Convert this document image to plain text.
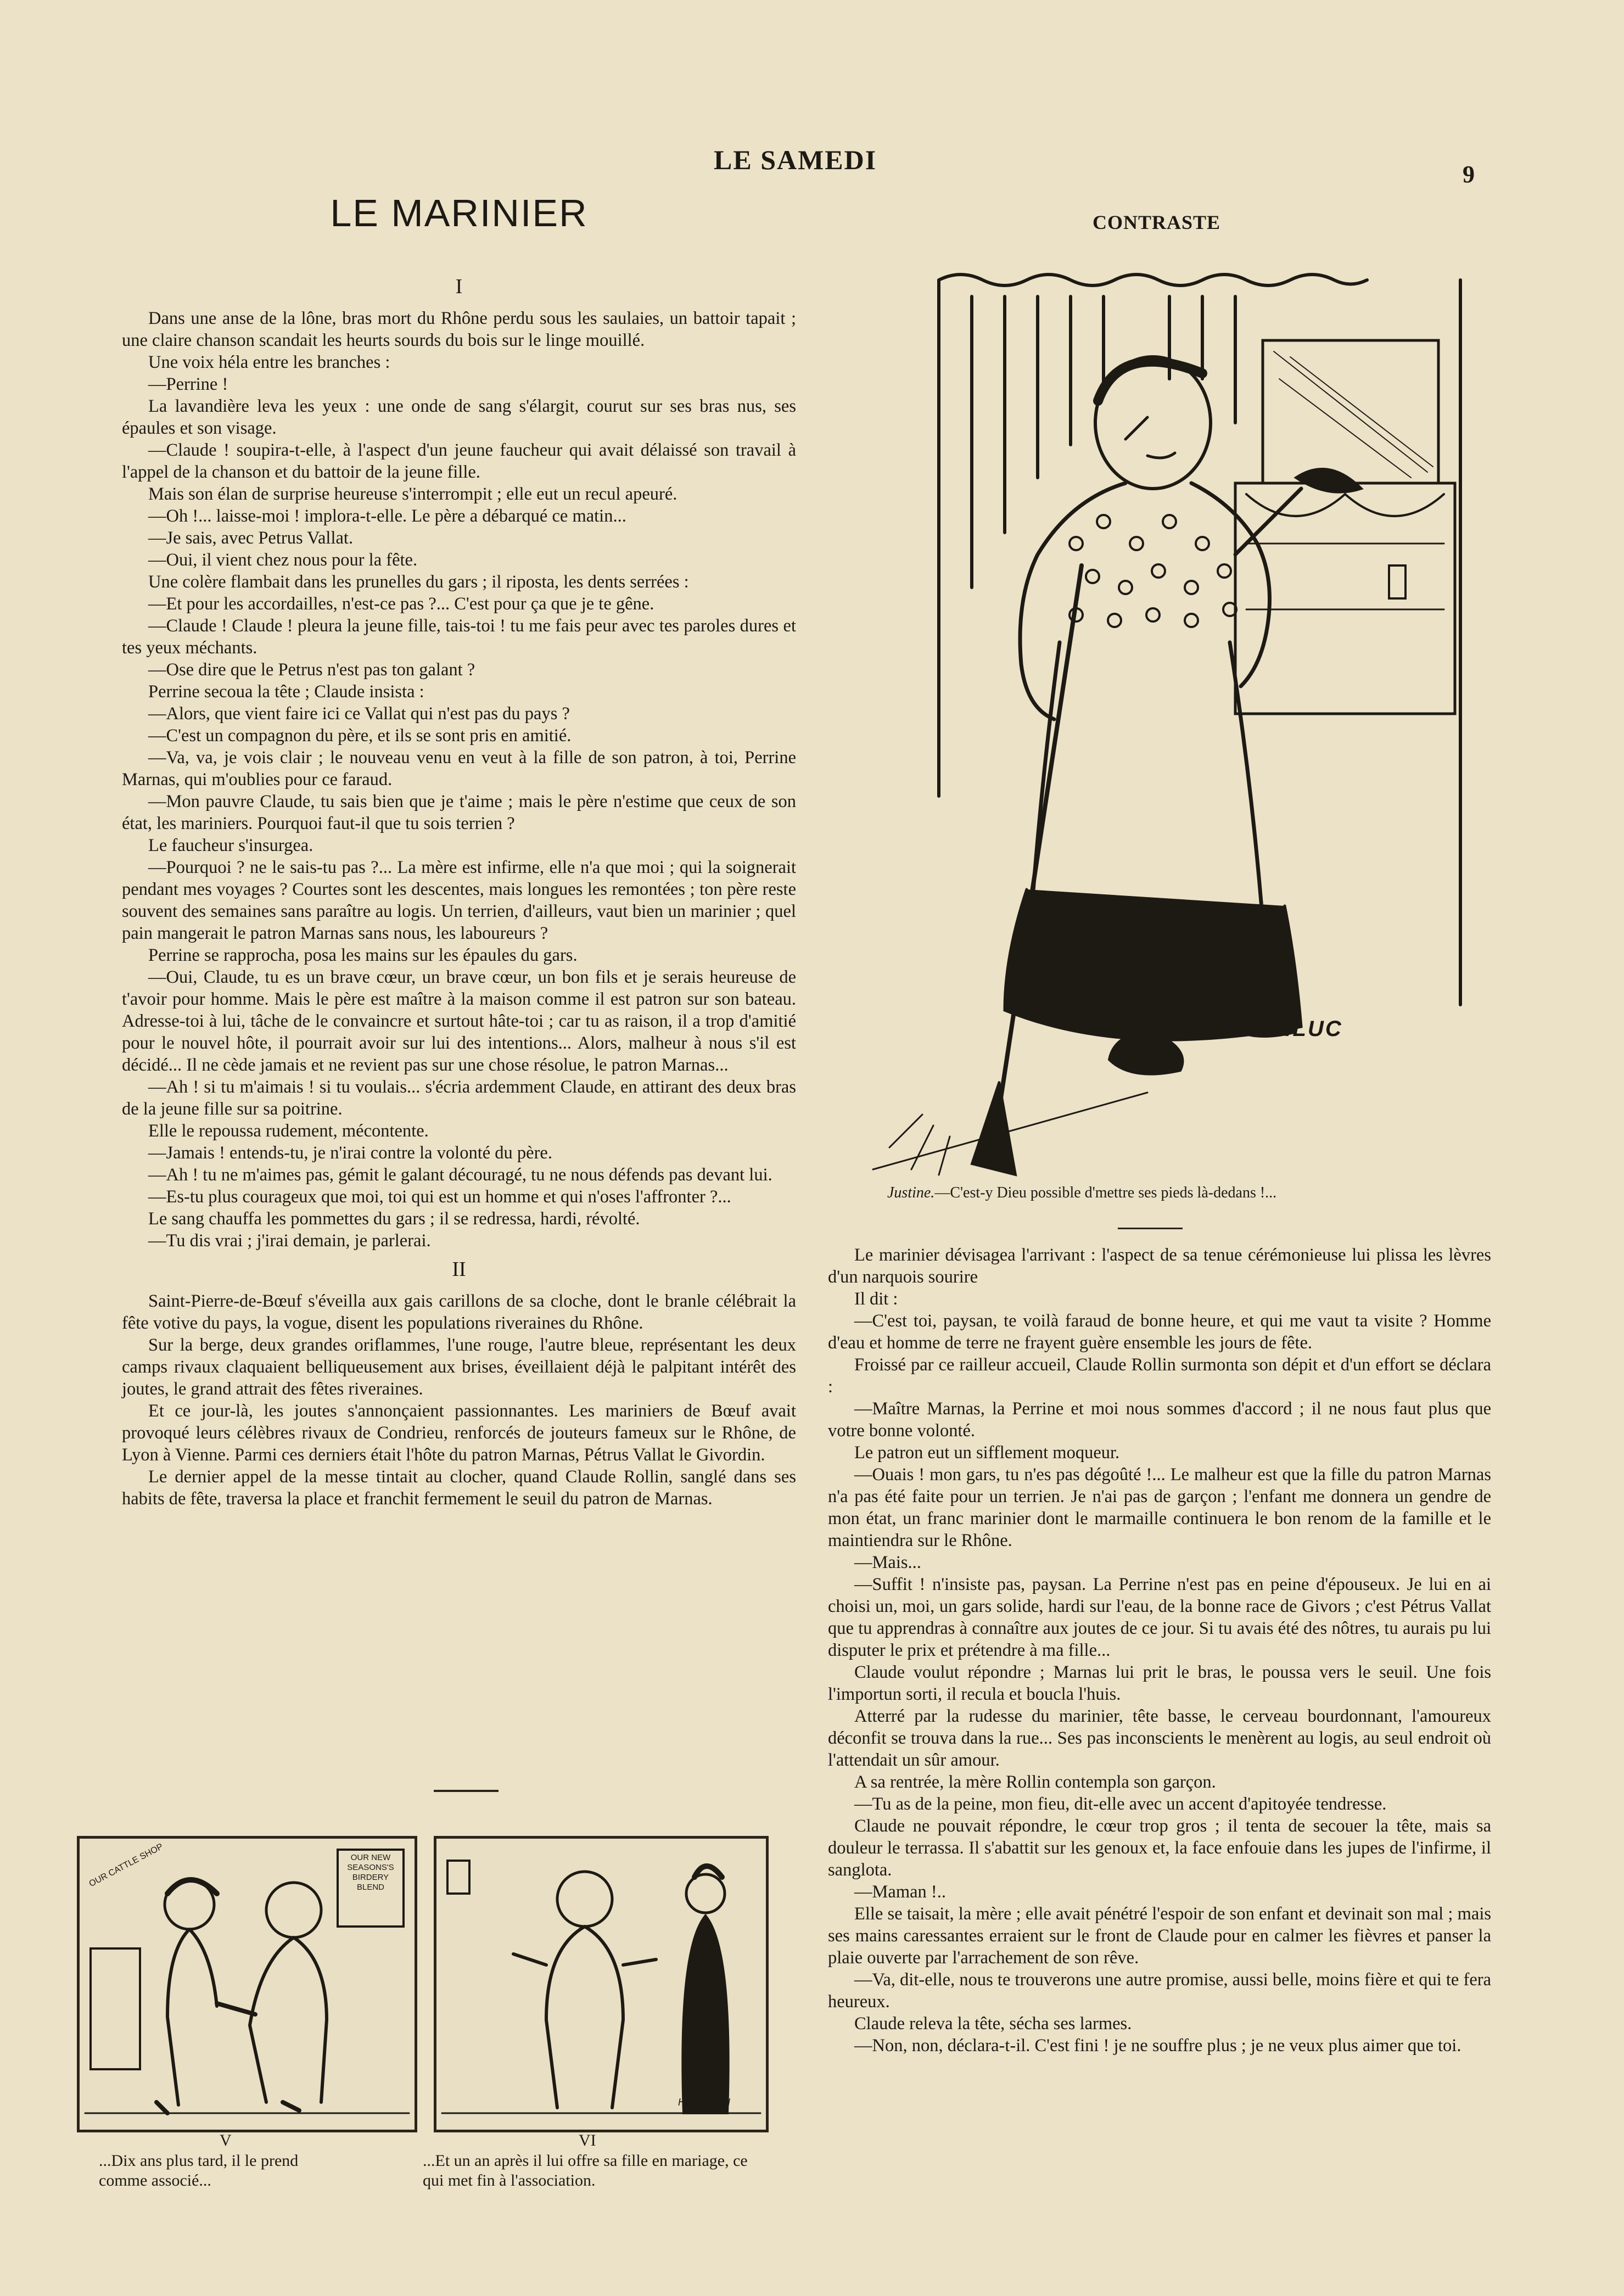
LE SAMEDI	9
LE MARINIER
I

Dans une anse de la lône, bras mort du Rhône perdu sous les saulaies, un battoir tapait ; une claire chanson scandait les heurts sourds du bois sur le linge mouillé.

Une voix héla entre les branches :

—Perrine !

La lavandière leva les yeux : une onde de sang s'élargit, courut sur ses bras nus, ses épaules et son visage.

—Claude ! soupira-t-elle, à l'aspect d'un jeune faucheur qui avait délaissé son travail à l'appel de la chanson et du battoir de la jeune fille.

Mais son élan de surprise heureuse s'interrompit ; elle eut un recul apeuré.

—Oh !... laisse-moi ! implora-t-elle. Le père a débarqué ce matin...

—Je sais, avec Petrus Vallat.

—Oui, il vient chez nous pour la fête.

Une colère flambait dans les prunelles du gars ; il riposta, les dents serrées :

—Et pour les accordailles, n'est-ce pas ?... C'est pour ça que je te gêne.

—Claude ! Claude ! pleura la jeune fille, tais-toi ! tu me fais peur avec tes paroles dures et tes yeux méchants.

—Ose dire que le Petrus n'est pas ton galant ?

Perrine secoua la tête ; Claude insista :

—Alors, que vient faire ici ce Vallat qui n'est pas du pays ?

—C'est un compagnon du père, et ils se sont pris en amitié.

—Va, va, je vois clair ; le nouveau venu en veut à la fille de son patron, à toi, Perrine Marnas, qui m'oublies pour ce faraud.

—Mon pauvre Claude, tu sais bien que je t'aime ; mais le père n'estime que ceux de son état, les mariniers. Pourquoi faut-il que tu sois terrien ?

Le faucheur s'insurgea.

—Pourquoi ? ne le sais-tu pas ?... La mère est infirme, elle n'a que moi ; qui la soignerait pendant mes voyages ? Courtes sont les descentes, mais longues les remontées ; ton père reste souvent des semaines sans paraître au logis. Un terrien, d'ailleurs, vaut bien un marinier ; quel pain mangerait le patron Marnas sans nous, les laboureurs ?

Perrine se rapprocha, posa les mains sur les épaules du gars.

—Oui, Claude, tu es un brave cœur, un brave cœur, un bon fils et je serais heureuse de t'avoir pour homme. Mais le père est maître à la maison comme il est patron sur son bateau. Adresse-toi à lui, tâche de le convaincre et surtout hâte-toi ; car tu as raison, il a trop d'amitié pour le nouvel hôte, il pourrait avoir sur lui des intentions... Alors, malheur à nous s'il est décidé... Il ne cède jamais et ne revient pas sur une chose résolue, le patron Marnas...

—Ah ! si tu m'aimais ! si tu voulais... s'écria ardemment Claude, en attirant des deux bras de la jeune fille sur sa poitrine.

Elle le repoussa rudement, mécontente.

—Jamais ! entends-tu, je n'irai contre la volonté du père.

—Ah ! tu ne m'aimes pas, gémit le galant découragé, tu ne nous défends pas devant lui.

—Es-tu plus courageux que moi, toi qui est un homme et qui n'oses l'affronter ?...

Le sang chauffa les pommettes du gars ; il se redressa, hardi, révolté.

—Tu dis vrai ; j'irai demain, je parlerai.

II

Saint-Pierre-de-Bœuf s'éveilla aux gais carillons de sa cloche, dont le branle célébrait la fête votive du pays, la vogue, disent les populations riveraines du Rhône.

Sur la berge, deux grandes oriflammes, l'une rouge, l'autre bleue, représentant les deux camps rivaux claquaient belliqueusement aux brises, éveillaient déjà le palpitant intérêt des joutes, le grand attrait des fêtes riveraines.

Et ce jour-là, les joutes s'annonçaient passionnantes. Les mariniers de Bœuf avait provoqué leurs célèbres rivaux de Condrieu, renforcés de jouteurs fameux sur le Rhône, de Lyon à Vienne. Parmi ces derniers était l'hôte du patron Marnas, Pétrus Vallat le Givordin.

Le dernier appel de la messe tintait au clocher, quand Claude Rollin, sanglé dans ses habits de fête, traversa la place et franchit fermement le seuil du patron de Marnas.

CONTRASTE
WEILUC
Justine.—C'est-y Dieu possible d'mettre ses pieds là-dedans !...

Le marinier dévisagea l'arrivant : l'aspect de sa tenue cérémonieuse lui plissa les lèvres d'un narquois sourire

Il dit :

—C'est toi, paysan, te voilà faraud de bonne heure, et qui me vaut ta visite ? Homme d'eau et homme de terre ne frayent guère ensemble les jours de fête.

Froissé par ce railleur accueil, Claude Rollin surmonta son dépit et d'un effort se déclara :

—Maître Marnas, la Perrine et moi nous sommes d'accord ; il ne nous faut plus que votre bonne volonté.

Le patron eut un sifflement moqueur.

—Ouais ! mon gars, tu n'es pas dégoûté !... Le malheur est que la fille du patron Marnas n'a pas été faite pour un terrien. Je n'ai pas de garçon ; l'enfant me donnera un gendre de mon état, un franc marinier dont le marmaille continuera le bon renom de la famille et le maintiendra sur le Rhône.

—Mais...

—Suffit ! n'insiste pas, paysan. La Perrine n'est pas en peine d'épouseux. Je lui en ai choisi un, moi, un gars solide, hardi sur l'eau, de la bonne race de Givors ; c'est Pétrus Vallat que tu apprendras à connaître aux joutes de ce jour. Si tu avais été des nôtres, tu aurais pu lui disputer le prix et prétendre à ma fille...

Claude voulut répondre ; Marnas lui prit le bras, le poussa vers le seuil. Une fois l'importun sorti, il recula et boucla l'huis.

Atterré par la rudesse du marinier, tête basse, le cerveau bourdonnant, l'amoureux déconfit se trouva dans la rue... Ses pas inconscients le menèrent au logis, au seul endroit où l'attendait un sûr amour.

A sa rentrée, la mère Rollin contempla son garçon.

—Tu as de la peine, mon fieu, dit-elle avec un accent d'apitoyée tendresse.

Claude ne pouvait répondre, le cœur trop gros ; il tenta de secouer la tête, mais sa douleur le terrassa. Il s'abattit sur les genoux et, la face enfouie dans les jupes de l'infirme, il sanglota.

—Maman !..

Elle se taisait, la mère ; elle avait pénétré l'espoir de son enfant et devinait son mal ; mais ses mains caressantes erraient sur le front de Claude pour en calmer les fièvres et panser la plaie ouverte par l'arrachement de son rêve.

—Va, dit-elle, nous te trouverons une autre promise, aussi belle, moins fière et qui te fera heureux.

Claude releva la tête, sécha ses larmes.

—Non, non, déclara-t-il. C'est fini ! je ne souffre plus ; je ne veux plus aimer que toi.

OUR CATTLE SHOP	OUR NEW SEASONS'S BIRDERY BLEND
HARRISON
V
...Dix ans plus tard, il le prend comme associé...
VI
...Et un an après il lui offre sa fille en mariage, ce qui met fin à l'association.
